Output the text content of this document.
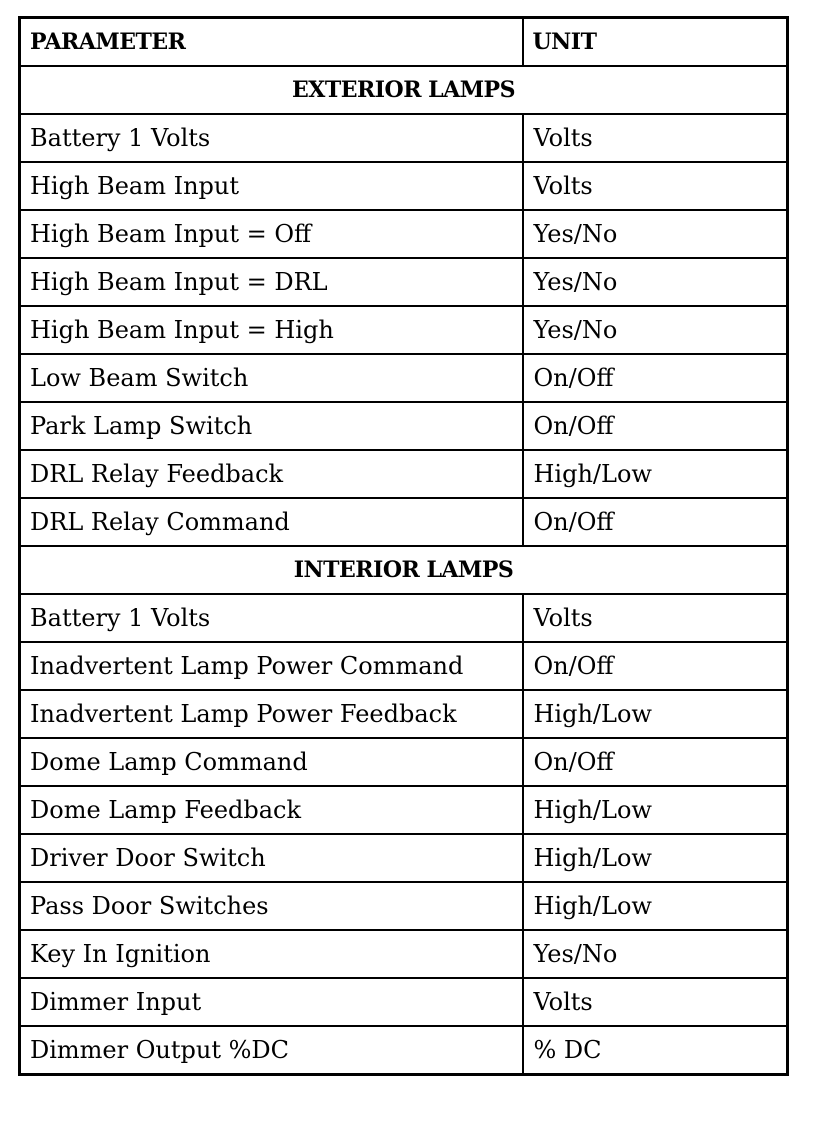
PARAMETER	UNIT
EXTERIOR LAMPS	
Battery 1 Volts	Volts
High Beam Input	Volts
High Beam Input = Off	Yes/No
High Beam Input = DRL	Yes/No
High Beam Input = High	Yes/No
Low Beam Switch	On/Off
Park Lamp Switch	On/Off
DRL Relay Feedback	High/Low
DRL Relay Command	On/Off
INTERIOR LAMPS	
Battery 1 Volts	Volts
Inadvertent Lamp Power Command	On/Off
Inadvertent Lamp Power Feedback	High/Low
Dome Lamp Command	On/Off
Dome Lamp Feedback	High/Low
Driver Door Switch	High/Low
Pass Door Switches	High/Low
Key In Ignition	Yes/No
Dimmer Input	Volts
Dimmer Output %DC	% DC
